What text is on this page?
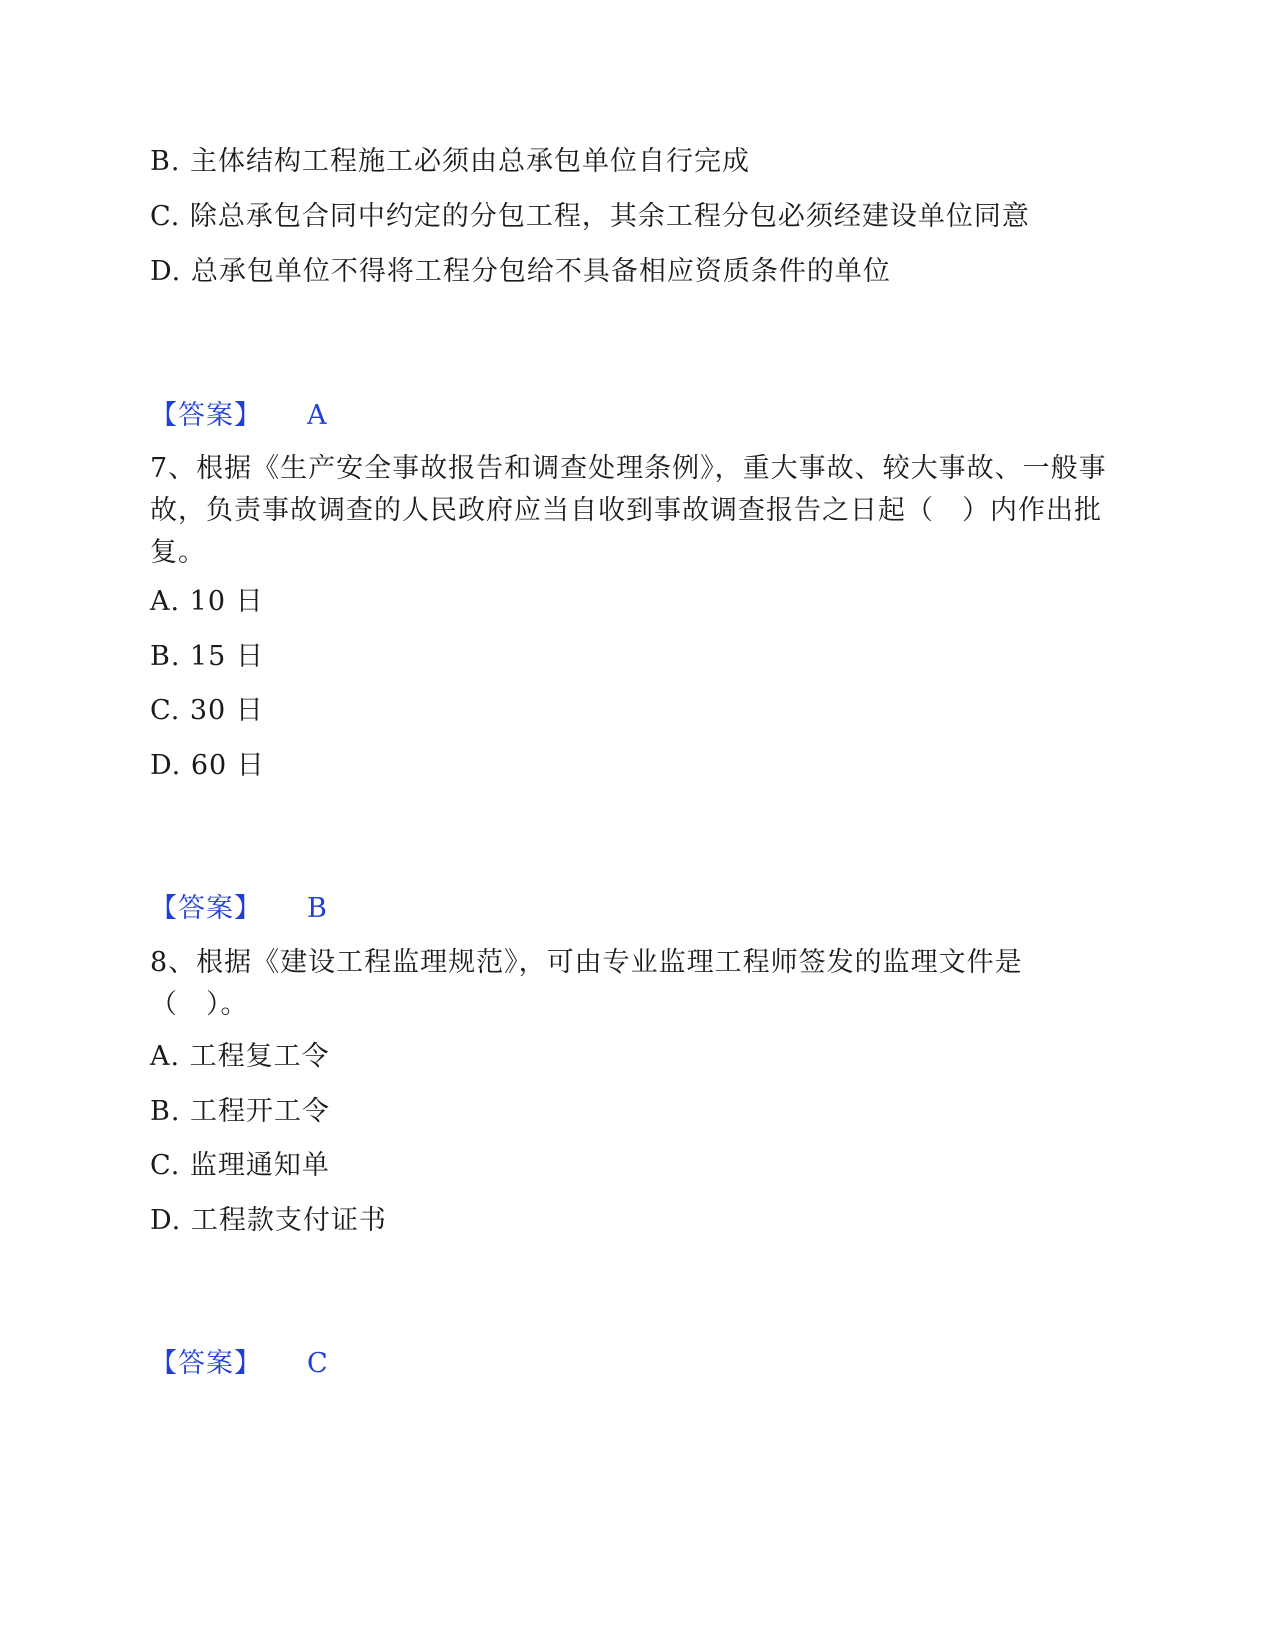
B. 主体结构工程施工必须由总承包单位自行完成
C. 除总承包合同中约定的分包工程，其余工程分包必须经建设单位同意
D. 总承包单位不得将工程分包给不具备相应资质条件的单位
【答案】 A
7、根据《生产安全事故报告和调查处理条例》，重大事故、较大事故、一般事故，负责事故调查的人民政府应当自收到事故调查报告之日起（　）内作出批复。
A. 10 日
B. 15 日
C. 30 日
D. 60 日
【答案】 B
8、根据《建设工程监理规范》，可由专业监理工程师签发的监理文件是（　）。
A. 工程复工令
B. 工程开工令
C. 监理通知单
D. 工程款支付证书
【答案】 C
